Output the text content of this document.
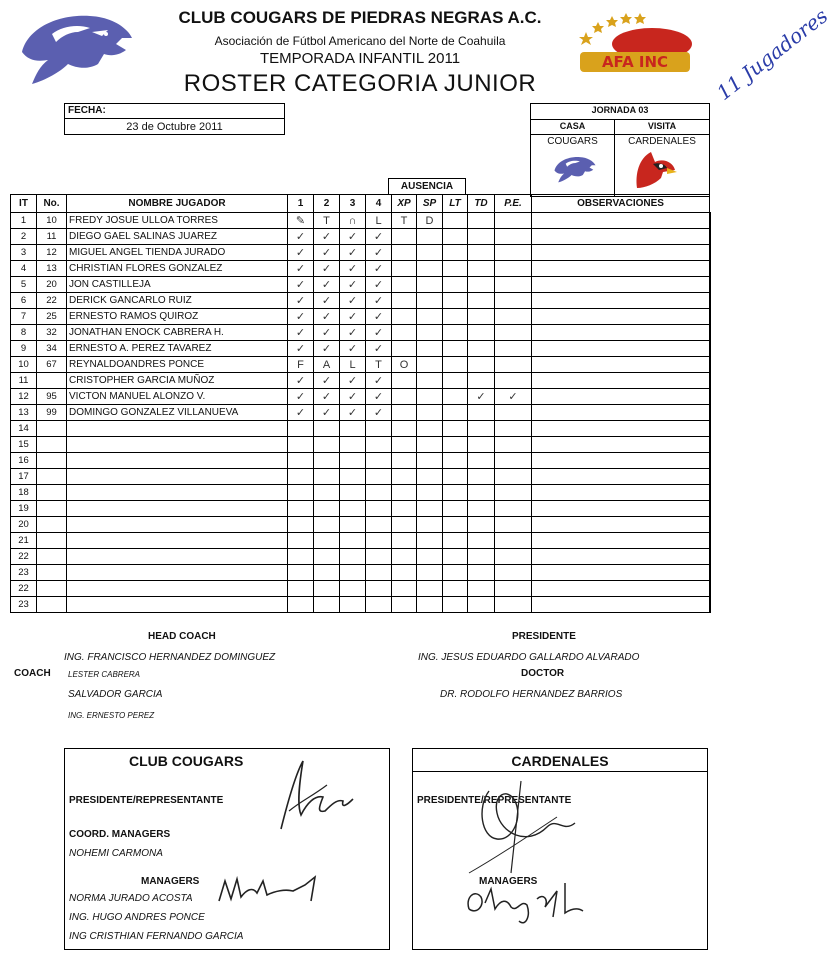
AFA INC
CLUB COUGARS DE PIEDRAS NEGRAS A.C.
Asociación de Fútbol Americano del Norte de Coahuila
TEMPORADA INFANTIL 2011
ROSTER CATEGORIA JUNIOR
FECHA:
23 de Octubre 2011
JORNADA 03
CASA	VISITA
COUGARS	CARDENALES
11 Jugadores
AUSENCIA
IT	No.	NOMBRE JUGADOR	1	2	3	4	XP	SP	LT	TD	P.E.	OBSERVACIONES	
1	10	FREDY JOSUE ULLOA TORRES	✎	T	∩	L	T	D					
2	11	DIEGO GAEL SALINAS JUAREZ	✓	✓	✓	✓							
3	12	MIGUEL ANGEL TIENDA JURADO	✓	✓	✓	✓							
4	13	CHRISTIAN FLORES GONZALEZ	✓	✓	✓	✓							
5	20	JON CASTILLEJA	✓	✓	✓	✓							
6	22	DERICK GANCARLO RUIZ	✓	✓	✓	✓							
7	25	ERNESTO RAMOS QUIROZ	✓	✓	✓	✓							
8	32	JONATHAN ENOCK CABRERA H.	✓	✓	✓	✓							
9	34	ERNESTO A. PEREZ TAVAREZ	✓	✓	✓	✓							
10	67	REYNALDOANDRES PONCE	F	A	L	T	O						
11		CRISTOPHER GARCIA MUÑOZ	✓	✓	✓	✓							
12	95	VICTON MANUEL ALONZO V.	✓	✓	✓	✓				✓	✓		
13	99	DOMINGO GONZALEZ VILLANUEVA	✓	✓	✓	✓							
14													
15													
16													
17													
18													
19													
20													
21													
22													
23													
22													
23													
HEAD COACH
ING. FRANCISCO HERNANDEZ DOMINGUEZ
COACH LESTER CABRERA
SALVADOR GARCIA
ING. ERNESTO PEREZ
PRESIDENTE
ING. JESUS EDUARDO GALLARDO ALVARADO
DOCTOR
DR. RODOLFO HERNANDEZ BARRIOS
CLUB COUGARS
PRESIDENTE/REPRESENTANTE
COORD. MANAGERS
NOHEMI CARMONA
MANAGERS
NORMA JURADO ACOSTA
ING. HUGO ANDRES PONCE
ING CRISTHIAN FERNANDO GARCIA
CARDENALES
PRESIDENTE/REPRESENTANTE
MANAGERS
